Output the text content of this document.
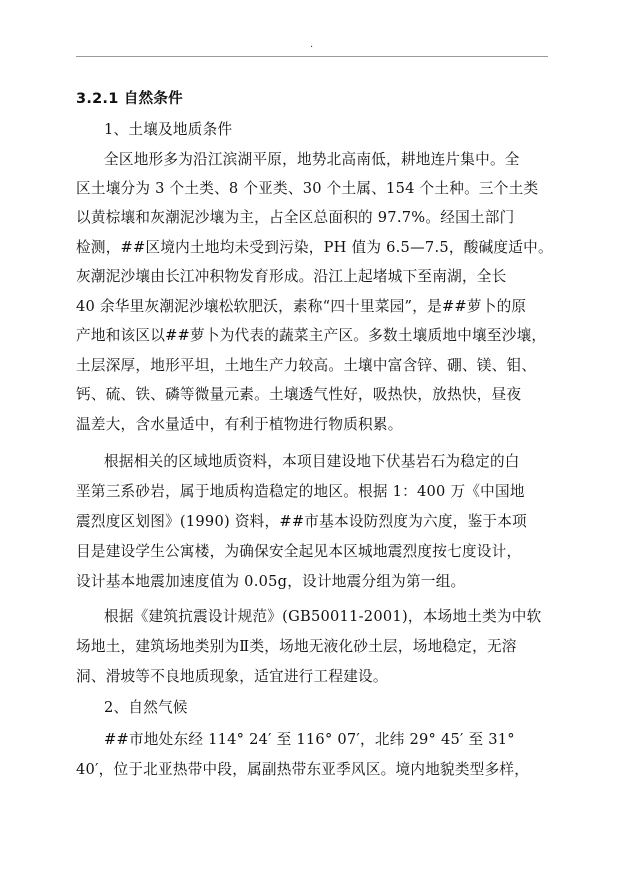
.
3.2.1 自然条件
1、土壤及地质条件
全区地形多为沿江滨湖平原，地势北高南低，耕地连片集中。全
区土壤分为 3 个土类、8 个亚类、30 个土属、154 个土种。三个土类
以黄棕壤和灰潮泥沙壤为主，占全区总面积的 97.7%。经国土部门
检测，##区境内土地均未受到污染，PH 值为 6.5—7.5，酸碱度适中。
灰潮泥沙壤由长江冲积物发育形成。沿江上起堵城下至南湖，全长
40 余华里灰潮泥沙壤松软肥沃，素称“四十里菜园”，是##萝卜的原
产地和该区以##萝卜为代表的蔬菜主产区。多数土壤质地中壤至沙壤，
土层深厚，地形平坦，土地生产力较高。土壤中富含锌、硼、镁、钼、
钙、硫、铁、磷等微量元素。土壤透气性好，吸热快，放热快，昼夜
温差大，含水量适中，有利于植物进行物质积累。
根据相关的区域地质资料，本项目建设地下伏基岩石为稳定的白
垩第三系砂岩，属于地质构造稳定的地区。根据 1：400 万《中国地
震烈度区划图》(1990) 资料，##市基本设防烈度为六度，鉴于本项
目是建设学生公寓楼，为确保安全起见本区城地震烈度按七度设计，
设计基本地震加速度值为 0.05g，设计地震分组为第一组。
根据《建筑抗震设计规范》(GB50011-2001)，本场地土类为中软
场地土，建筑场地类别为Ⅱ类，场地无液化砂土层，场地稳定，无溶
洞、滑坡等不良地质现象，适宜进行工程建设。
2、自然气候
##市地处东经 114° 24′ 至 116° 07′，北纬 29° 45′ 至 31°
40′，位于北亚热带中段，属副热带东亚季风区。境内地貌类型多样，
